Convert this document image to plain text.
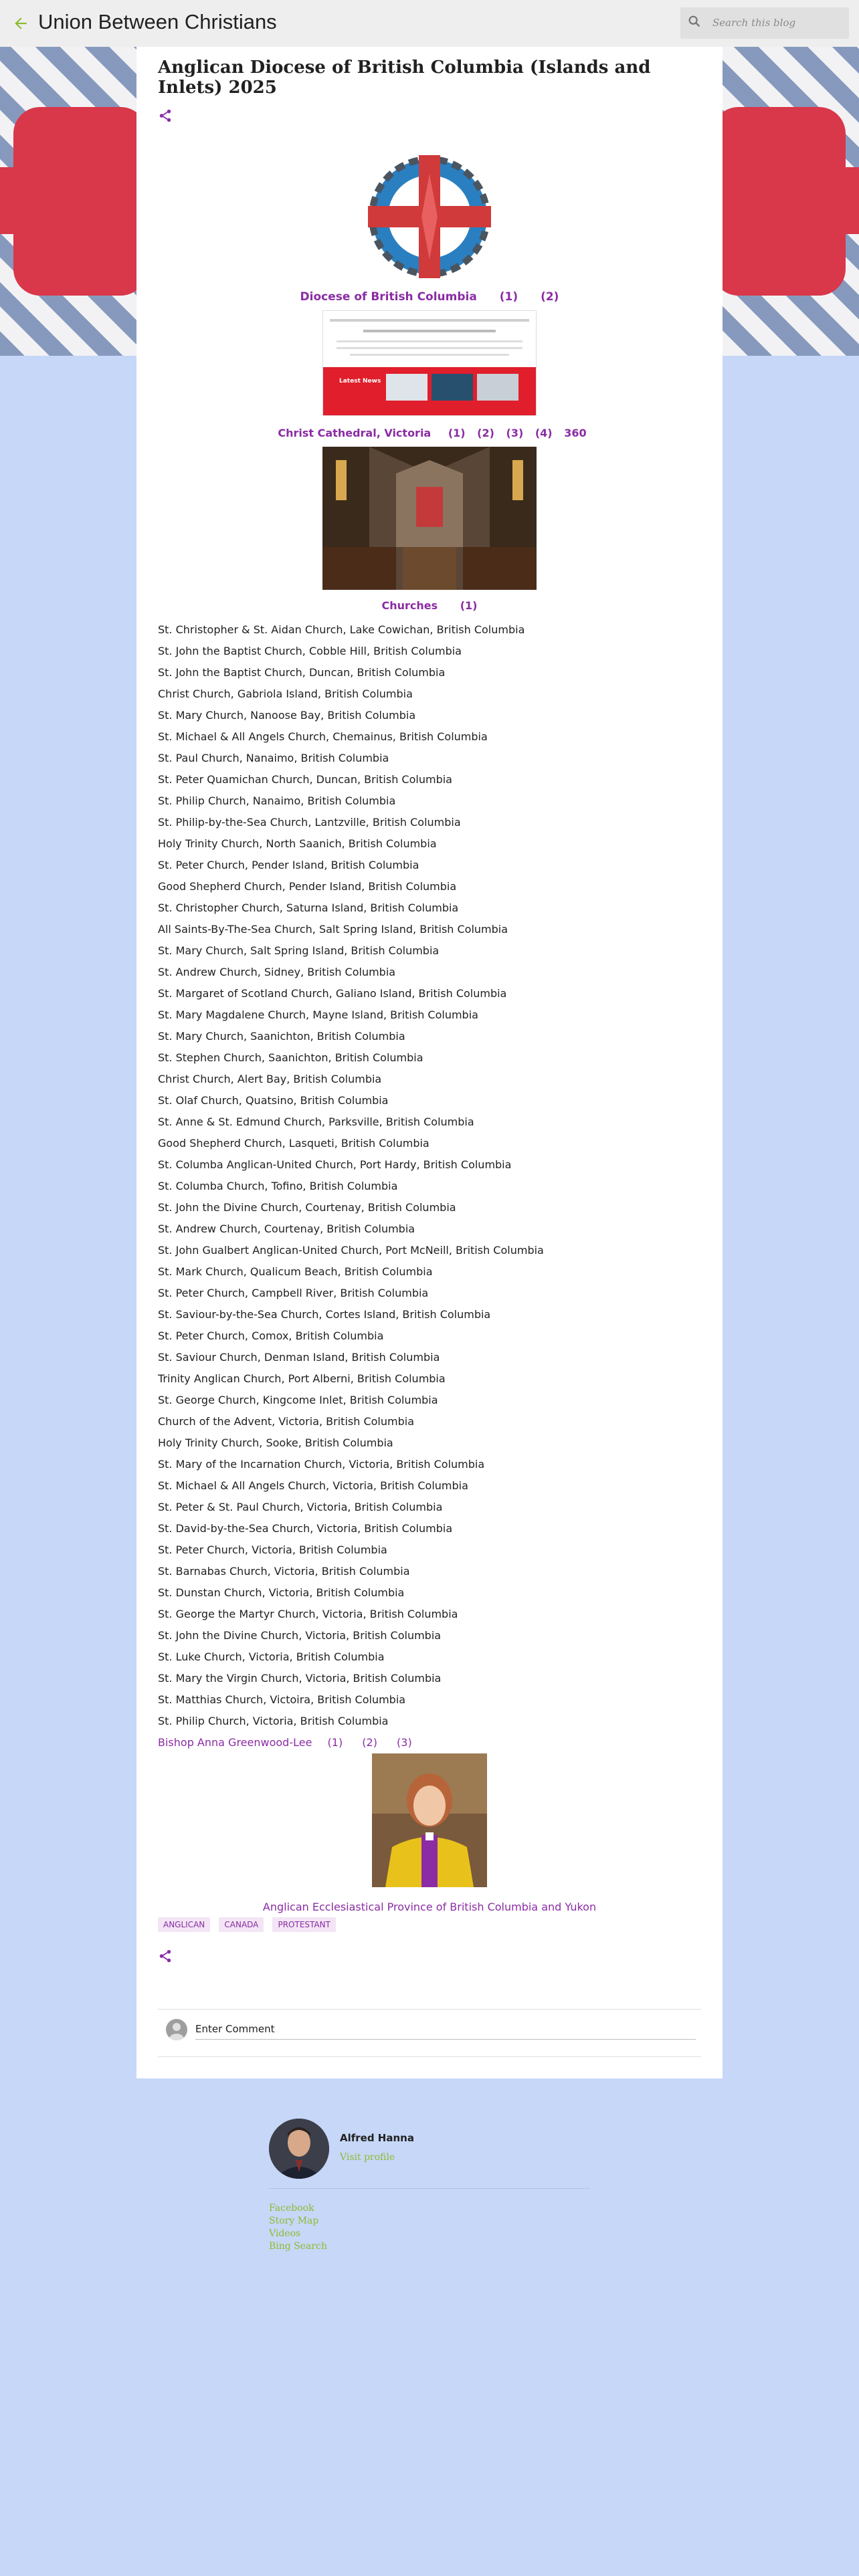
Union Between Christians	Search this blog
Anglican Diocese of British Columbia (Islands and Inlets) 2025
Diocese of British Columbia (1) (2)
Latest News
Christ Cathedral, Victoria (1) (2) (3) (4) 360
Churches (1)
St. Christopher & St. Aidan Church, Lake Cowichan, British Columbia
St. John the Baptist Church, Cobble Hill, British Columbia
St. John the Baptist Church, Duncan, British Columbia
Christ Church, Gabriola Island, British Columbia
St. Mary Church, Nanoose Bay, British Columbia
St. Michael & All Angels Church, Chemainus, British Columbia
St. Paul Church, Nanaimo, British Columbia
St. Peter Quamichan Church, Duncan, British Columbia
St. Philip Church, Nanaimo, British Columbia
St. Philip-by-the-Sea Church, Lantzville, British Columbia
Holy Trinity Church, North Saanich, British Columbia
St. Peter Church, Pender Island, British Columbia
Good Shepherd Church, Pender Island, British Columbia
St. Christopher Church, Saturna Island, British Columbia
All Saints-By-The-Sea Church, Salt Spring Island, British Columbia
St. Mary Church, Salt Spring Island, British Columbia
St. Andrew Church, Sidney, British Columbia
St. Margaret of Scotland Church, Galiano Island, British Columbia
St. Mary Magdalene Church, Mayne Island, British Columbia
St. Mary Church, Saanichton, British Columbia
St. Stephen Church, Saanichton, British Columbia
Christ Church, Alert Bay, British Columbia
St. Olaf Church, Quatsino, British Columbia
St. Anne & St. Edmund Church, Parksville, British Columbia
Good Shepherd Church, Lasqueti, British Columbia
St. Columba Anglican-United Church, Port Hardy, British Columbia
St. Columba Church, Tofino, British Columbia
St. John the Divine Church, Courtenay, British Columbia
St. Andrew Church, Courtenay, British Columbia
St. John Gualbert Anglican-United Church, Port McNeill, British Columbia
St. Mark Church, Qualicum Beach, British Columbia
St. Peter Church, Campbell River, British Columbia
St. Saviour-by-the-Sea Church, Cortes Island, British Columbia
St. Peter Church, Comox, British Columbia
St. Saviour Church, Denman Island, British Columbia
Trinity Anglican Church, Port Alberni, British Columbia
St. George Church, Kingcome Inlet, British Columbia
Church of the Advent, Victoria, British Columbia
Holy Trinity Church, Sooke, British Columbia
St. Mary of the Incarnation Church, Victoria, British Columbia
St. Michael & All Angels Church, Victoria, British Columbia
St. Peter & St. Paul Church, Victoria, British Columbia
St. David-by-the-Sea Church, Victoria, British Columbia
St. Peter Church, Victoria, British Columbia
St. Barnabas Church, Victoria, British Columbia
St. Dunstan Church, Victoria, British Columbia
St. George the Martyr Church, Victoria, British Columbia
St. John the Divine Church, Victoria, British Columbia
St. Luke Church, Victoria, British Columbia
St. Mary the Virgin Church, Victoria, British Columbia
St. Matthias Church, Victoira, British Columbia
St. Philip Church, Victoria, British Columbia
Bishop Anna Greenwood-Lee (1) (2) (3)
Anglican Ecclesiastical Province of British Columbia and Yukon
ANGLICAN CANADA PROTESTANT
Enter Comment
Alfred Hanna
Visit profile
Facebook
Story Map
Videos
Bing Search
